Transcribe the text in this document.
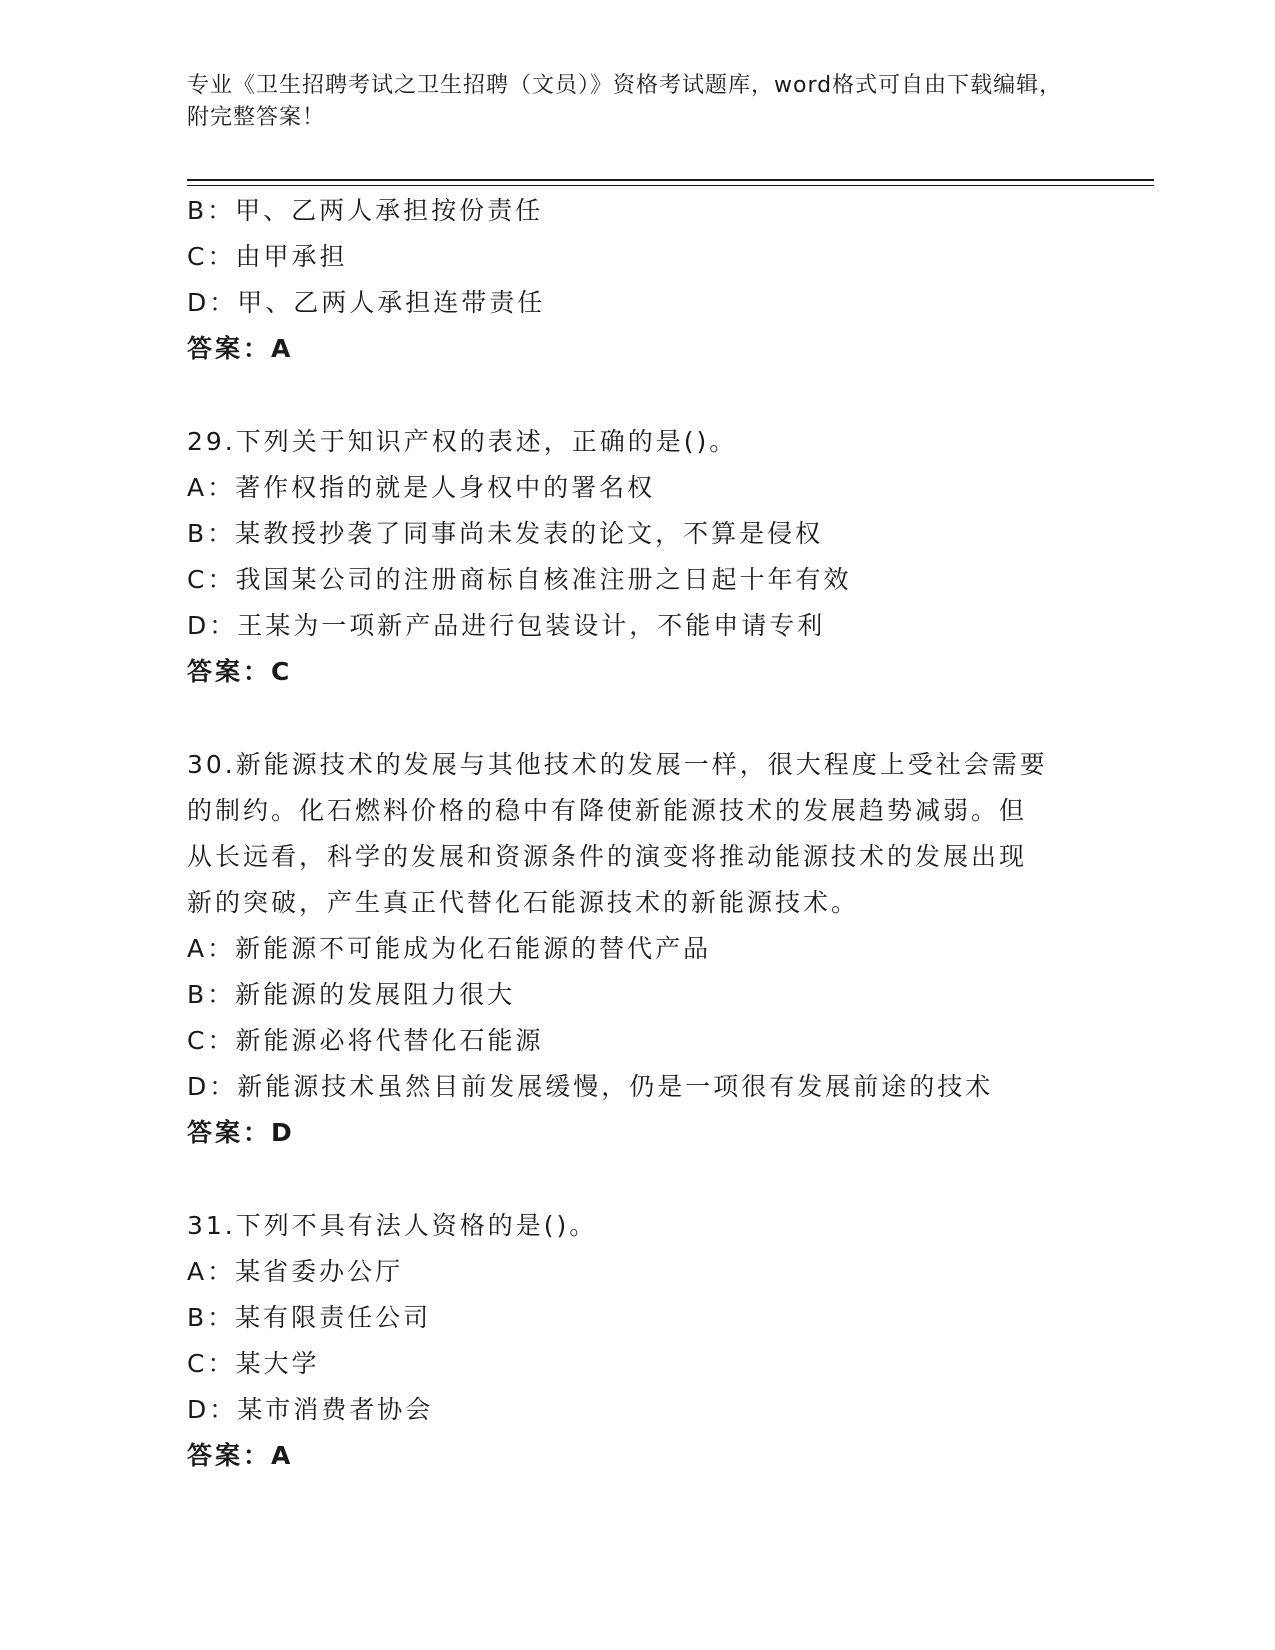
专业《卫生招聘考试之卫生招聘（文员）》资格考试题库，word格式可自由下载编辑，附完整答案！
B：甲、乙两人承担按份责任
C：由甲承担
D：甲、乙两人承担连带责任
答案：A
29.下列关于知识产权的表述，正确的是()。
A：著作权指的就是人身权中的署名权
B：某教授抄袭了同事尚未发表的论文，不算是侵权
C：我国某公司的注册商标自核准注册之日起十年有效
D：王某为一项新产品进行包装设计，不能申请专利
答案：C
30.新能源技术的发展与其他技术的发展一样，很大程度上受社会需要
的制约。化石燃料价格的稳中有降使新能源技术的发展趋势减弱。但
从长远看，科学的发展和资源条件的演变将推动能源技术的发展出现
新的突破，产生真正代替化石能源技术的新能源技术。
A：新能源不可能成为化石能源的替代产品
B：新能源的发展阻力很大
C：新能源必将代替化石能源
D：新能源技术虽然目前发展缓慢，仍是一项很有发展前途的技术
答案：D
31.下列不具有法人资格的是()。
A：某省委办公厅
B：某有限责任公司
C：某大学
D：某市消费者协会
答案：A
